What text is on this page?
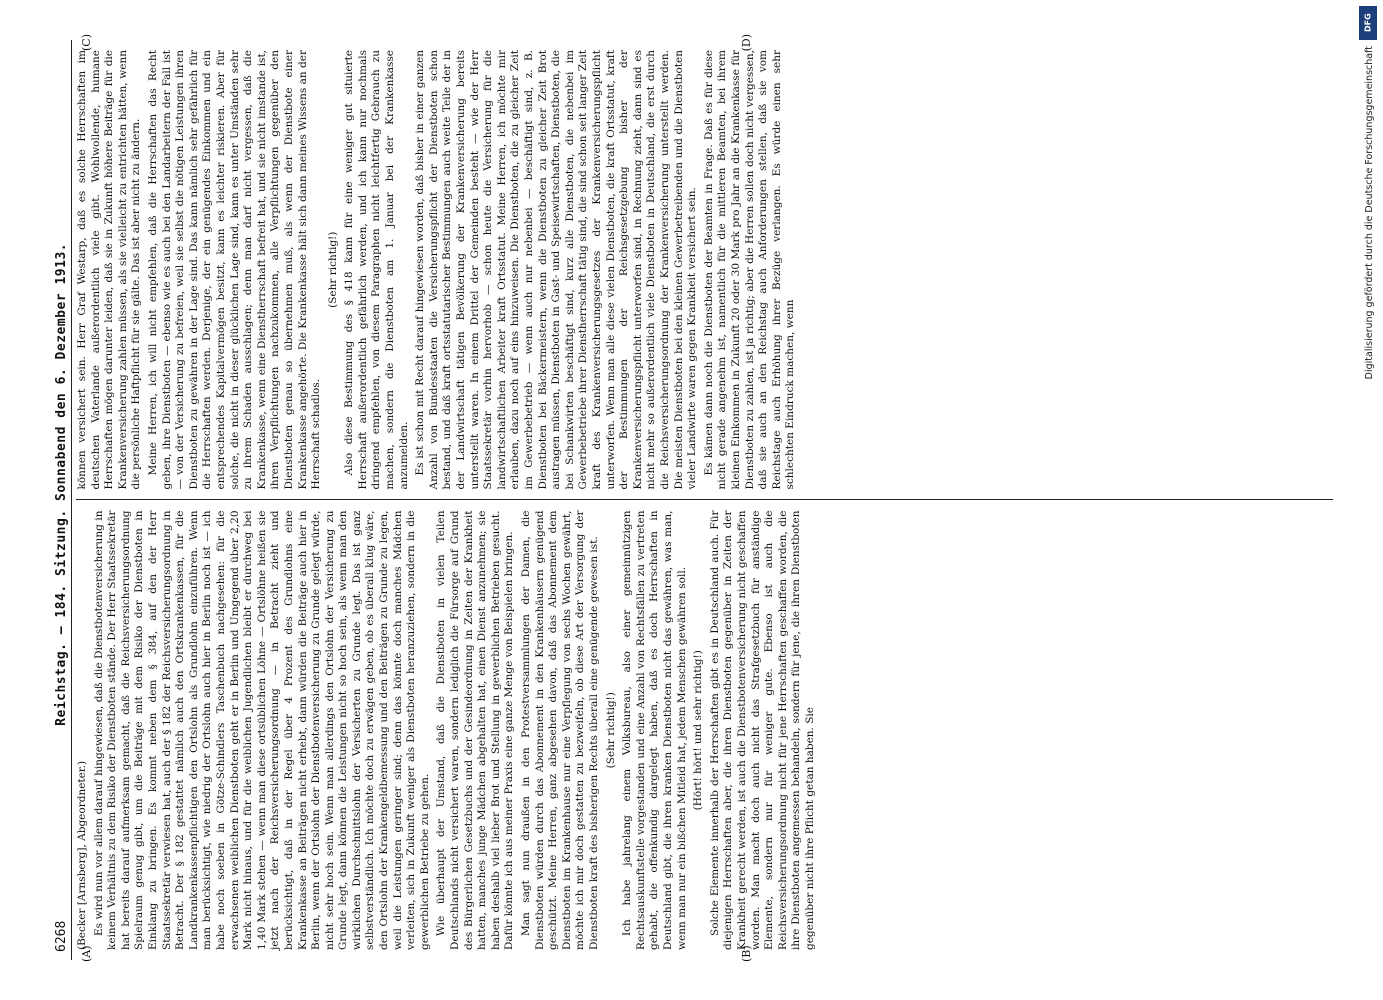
6268
Reichstag. — 184. Sitzung. Sonnabend den 6. Dezember 1913.

(Becker [Arnsberg], Abgeordneter.) Es wird nun vor allem darauf hingewiesen, daß die Dienstbotenversicherung in keinem Verhältnis zu dem Risiko der Dienstboten stände. Der Herr Staatssekretär hat bereits darauf aufmerksam gemacht, daß die Reichsversicherungsordnung Spielraum genug gibt, um die Beiträge mit dem Risiko der Dienstboten in Einklang zu bringen. Es kommt neben dem § 384, auf den der Herr Staatssekretär verwiesen hat, auch der § 182 der Reichsversicherungsordnung in Betracht. Der § 182 gestattet nämlich auch den Ortskrankenkassen, für die Landkrankenkassenpflichtigen den Ortslohn als Grundlohn einzuführen. Wenn man berücksichtigt, wie niedrig der Ortslohn auch hier in Berlin noch ist — ich habe noch soeben in Götze-Schindlers Taschenbuch nachgesehen: für die erwachsenen weiblichen Dienstboten geht er in Berlin und Umgegend über 2,20 Mark nicht hinaus, und für die weiblichen Jugendlichen bleibt er durchweg bei 1,40 Mark stehen — wenn man diese ortsüblichen Löhne — Ortslöhne heißen sie jetzt nach der Reichsversicherungsordnung — in Betracht zieht und berücksichtigt, daß in der Regel über 4 Prozent des Grundlohns eine Krankenkasse an Beiträgen nicht erhebt, dann würden die Beiträge auch hier in Berlin, wenn der Ortslohn der Dienstbotenversicherung zu Grunde gelegt würde, nicht sehr hoch sein. Wenn man allerdings den Ortslohn der Versicherung zu Grunde legt, dann können die Leistungen nicht so hoch sein, als wenn man den wirklichen Durchschnittslohn der Versicherten zu Grunde legt. Das ist ganz selbstverständlich. Ich möchte doch zu erwägen geben, ob es überall klug wäre, den Ortslohn der Krankengeldbemessung und den Beiträgen zu Grunde zu legen, weil die Leistungen geringer sind; denn das könnte doch manches Mädchen verleiten, sich in Zukunft weniger als Dienstboten heranzuziehen, sondern in die gewerblichen Betriebe zu gehen. Wie überhaupt der Umstand, daß die Dienstboten in vielen Teilen Deutschlands nicht versichert waren, sondern lediglich die Fürsorge auf Grund des Bürgerlichen Gesetzbuchs und der Gesindeordnung in Zeiten der Krankheit hatten, manches junge Mädchen abgehalten hat, einen Dienst anzunehmen; sie haben deshalb viel lieber Brot und Stellung in gewerblichen Betrieben gesucht. Dafür könnte ich aus meiner Praxis eine ganze Menge von Beispielen bringen. Man sagt nun draußen in den Protestversammlungen der Damen, die Dienstboten würden durch das Abonnement in den Krankenhäusern genügend geschützt. Meine Herren, ganz abgesehen davon, daß das Abonnement dem Dienstboten im Krankenhause nur eine Verpflegung von sechs Wochen gewährt, möchte ich mir doch gestatten zu bezweifeln, ob diese Art der Versorgung der Dienstboten kraft des bisherigen Rechts überall eine genügende gewesen ist. (Sehr richtig!) Ich habe jahrelang einem Volksbureau, also einer gemeinnützigen Rechtsauskunftstelle vorgestanden und eine Anzahl von Rechtsfällen zu vertreten gehabt, die offenkundig dargelegt haben, daß es doch Herrschaften in Deutschland gibt, die ihren kranken Dienstboten nicht das gewähren, was man, wenn man nur ein bißchen Mitleid hat, jedem Menschen gewähren soll. (Hört! hört! und sehr richtig!) Solche Elemente innerhalb der Herrschaften gibt es in Deutschland auch. Für diejenigen Herrschaften aber, die ihren Dienstboten gegenüber in Zeiten der Krankheit gerecht werden, ist auch die Dienstbotenversicherung nicht geschaffen worden. Man macht doch auch nicht das Strafgesetzbuch für anständige Elemente, sondern nur für weniger gute. Ebenso ist auch die Reichsversicherungsordnung nicht für jene Herrschaften geschaffen worden, die ihre Dienstboten angemessen behandeln, sondern für jene, die ihren Dienstboten gegenüber nicht ihre Pflicht getan haben. Sie

können versichert sein. Herr Graf Westarp, daß es solche Herrschaften im deutschen Vaterlande außerordentlich viele gibt. Wohlwollende, humane Herrschaften mögen darunter leiden, daß sie in Zukunft höhere Beiträge für die Krankenversicherung zahlen müssen, als sie vielleicht zu entrichten hätten, wenn die persönliche Haftpflicht für sie gälte. Das ist aber nicht zu ändern. Meine Herren, ich will nicht empfehlen, daß die Herrschaften das Recht geben, ihre Dienstboten — ebenso wie es auch bei den Landarbeitern der Fall ist — von der Versicherung zu befreien, weil sie selbst die nötigen Leistungen ihren Dienstboten zu gewähren in der Lage sind. Das kann nämlich sehr gefährlich für die Herrschaften werden. Derjenige, der ein genügendes Einkommen und ein entsprechendes Kapitalvermögen besitzt, kann es leichter riskieren. Aber für solche, die nicht in dieser glücklichen Lage sind, kann es unter Umständen sehr zu ihrem Schaden ausschlagen; denn man darf nicht vergessen, daß die Krankenkasse, wenn eine Dienstherrschaft befreit hat, und sie nicht imstande ist, ihren Verpflichtungen nachzukommen, alle Verpflichtungen gegenüber den Dienstboten genau so übernehmen muß, als wenn der Dienstbote einer Krankenkasse angehörte. Die Krankenkasse hält sich dann meines Wissens an der Herrschaft schadlos.

(Sehr richtig!) Also diese Bestimmung des § 418 kann für eine weniger gut situierte Herrschaft außerordentlich gefährlich werden, und ich kann nur nochmals dringend empfehlen, von diesem Paragraphen nicht leichtfertig Gebrauch zu machen, sondern die Dienstboten am 1. Januar bei der Krankenkasse anzumelden. Es ist schon mit Recht darauf hingewiesen worden, daß bisher in einer ganzen Anzahl von Bundesstaaten die Versicherungspflicht der Dienstboten schon bestand, und daß kraft ortsstatutarischer Bestimmungen auch weite Teile der in der Landwirtschaft tätigen Bevölkerung der Krankenversicherung bereits unterstellt waren. In einem Drittel der Gemeinden besteht — wie der Herr Staatssekretär vorhin hervorhob — schon heute die Versicherung für die landwirtschaftlichen Arbeiter kraft Ortsstatut. Meine Herren, ich möchte mir erlauben, dazu noch auf eins hinzuweisen. Die Dienstboten, die zu gleicher Zeit im Gewerbebetrieb — wenn auch nur nebenbei — beschäftigt sind, z. B. Dienstboten bei Bäckermeistern, wenn die Dienstboten zu gleicher Zeit Brot austragen müssen, Dienstboten in Gast- und Speisewirtschaften, Dienstboten, die bei Schankwirten beschäftigt sind, kurz alle Dienstboten, die nebenbei im Gewerbebetriebe ihrer Dienstherrschaft tätig sind, die sind schon seit langer Zeit kraft des Krankenversicherungsgesetzes der Krankenversicherungspflicht unterworfen. Wenn man alle diese vielen Dienstboten, die kraft Ortsstatut, kraft der Bestimmungen der Reichsgesetzgebung bisher der Krankenversicherungspflicht unterworfen sind, in Rechnung zieht, dann sind es nicht mehr so außerordentlich viele Dienstboten in Deutschland, die erst durch die Reichsversicherungsordnung der Krankenversicherung unterstellt werden. Die meisten Dienstboten bei den kleinen Gewerbetreibenden und die Dienstboten vieler Landwirte waren gegen Krankheit versichert sein. Es kämen dann noch die Dienstboten der Beamten in Frage. Daß es für diese nicht gerade angenehm ist, namentlich für die mittleren Beamten, bei ihrem kleinen Einkommen in Zukunft 20 oder 30 Mark pro Jahr an die Krankenkasse für Dienstboten zu zahlen, ist ja richtig; aber die Herren sollen doch nicht vergessen, daß sie auch an den Reichstag auch Anforderungen stellen, daß sie vom Reichstage auch Erhöhung ihrer Bezüge verlangen. Es würde einen sehr schlechten Eindruck machen, wenn

(A)	(B)
(C)	(D)
DFG
Digitalisierung gefördert durch die Deutsche Forschungsgemeinschaft
